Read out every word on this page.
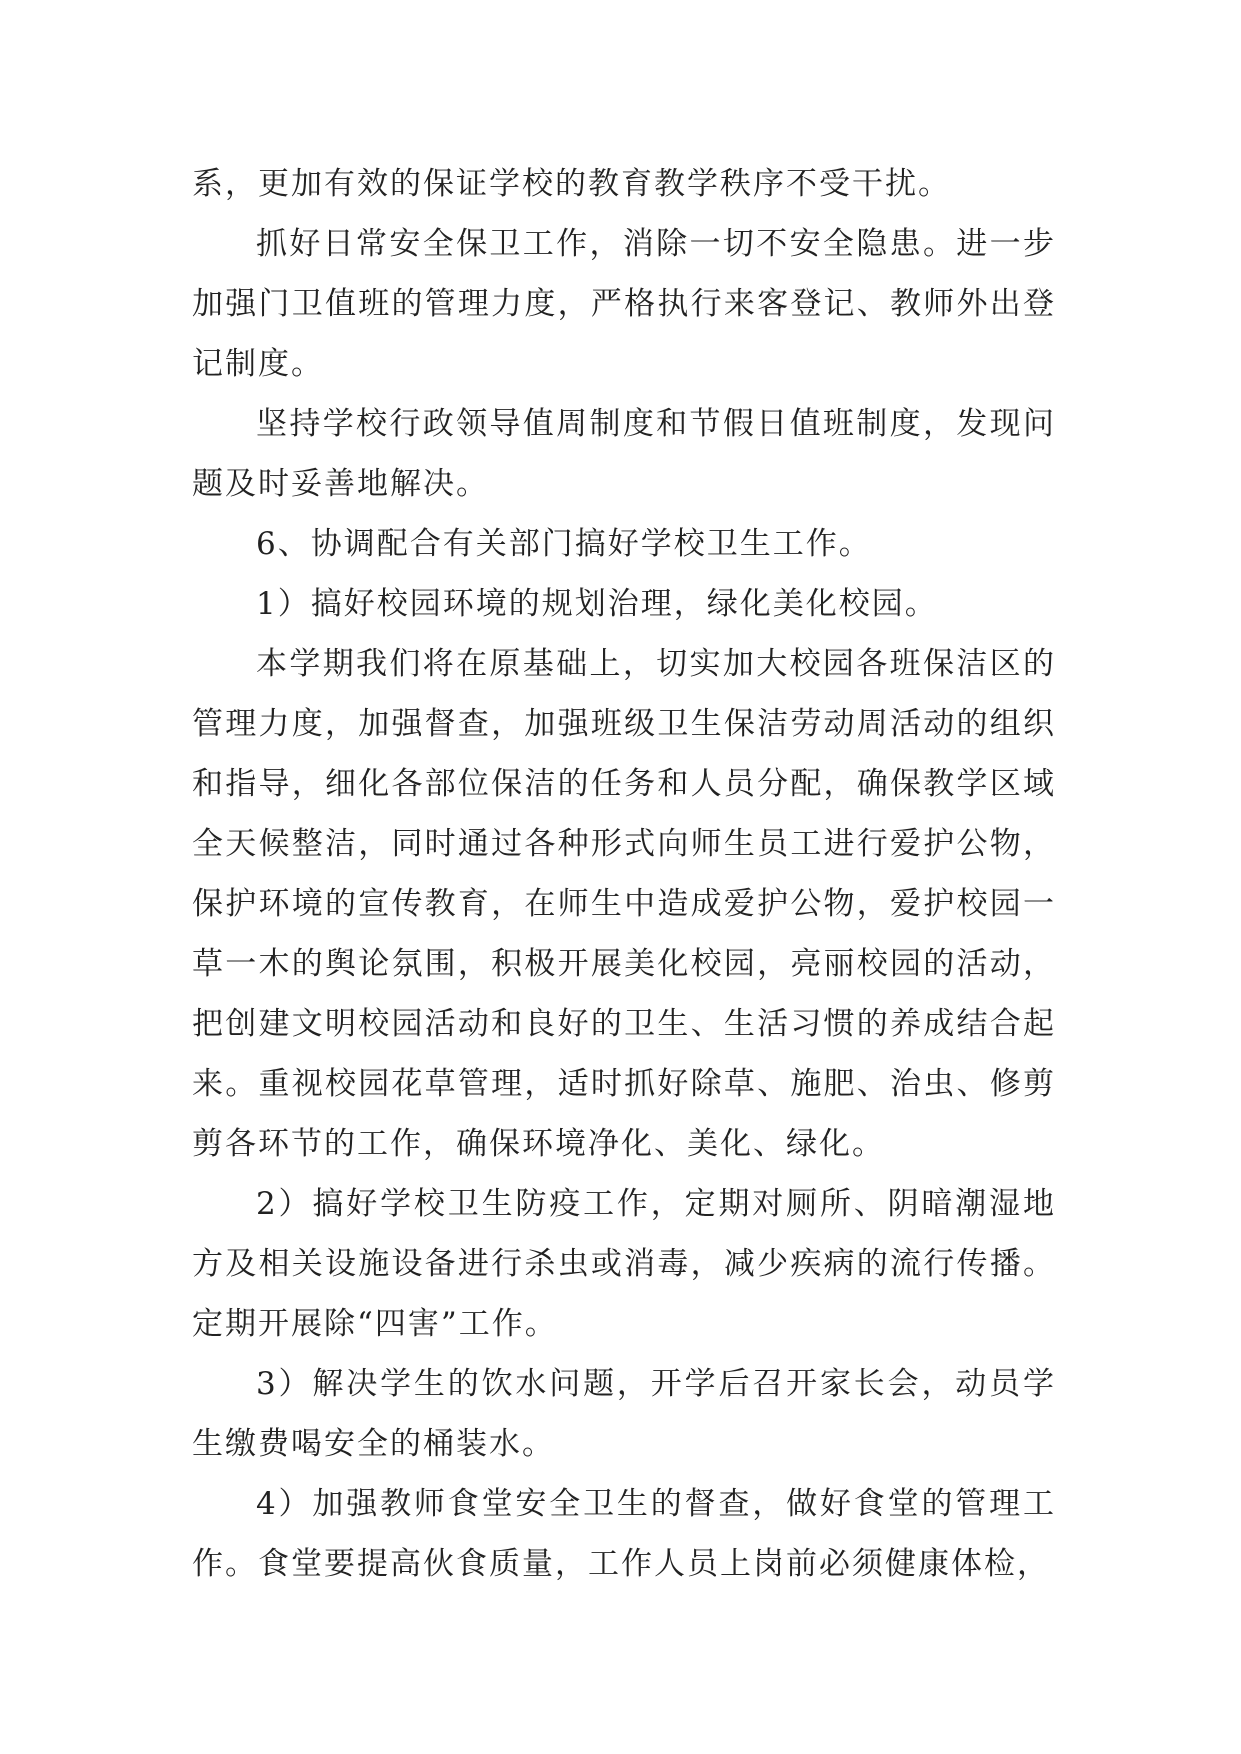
系，更加有效的保证学校的教育教学秩序不受干扰。

抓好日常安全保卫工作，消除一切不安全隐患。进一步加强门卫值班的管理力度，严格执行来客登记、教师外出登记制度。

坚持学校行政领导值周制度和节假日值班制度，发现问题及时妥善地解决。

6、协调配合有关部门搞好学校卫生工作。

1）搞好校园环境的规划治理，绿化美化校园。

本学期我们将在原基础上，切实加大校园各班保洁区的管理力度，加强督查，加强班级卫生保洁劳动周活动的组织和指导，细化各部位保洁的任务和人员分配，确保教学区域全天候整洁，同时通过各种形式向师生员工进行爱护公物，保护环境的宣传教育，在师生中造成爱护公物，爱护校园一草一木的舆论氛围，积极开展美化校园，亮丽校园的活动，把创建文明校园活动和良好的卫生、生活习惯的养成结合起来。重视校园花草管理，适时抓好除草、施肥、治虫、修剪剪各环节的工作，确保环境净化、美化、绿化。

2）搞好学校卫生防疫工作，定期对厕所、阴暗潮湿地方及相关设施设备进行杀虫或消毒，减少疾病的流行传播。定期开展除“四害”工作。

3）解决学生的饮水问题，开学后召开家长会，动员学生缴费喝安全的桶装水。

4）加强教师食堂安全卫生的督查，做好食堂的管理工作。食堂要提高伙食质量，工作人员上岗前必须健康体检，
